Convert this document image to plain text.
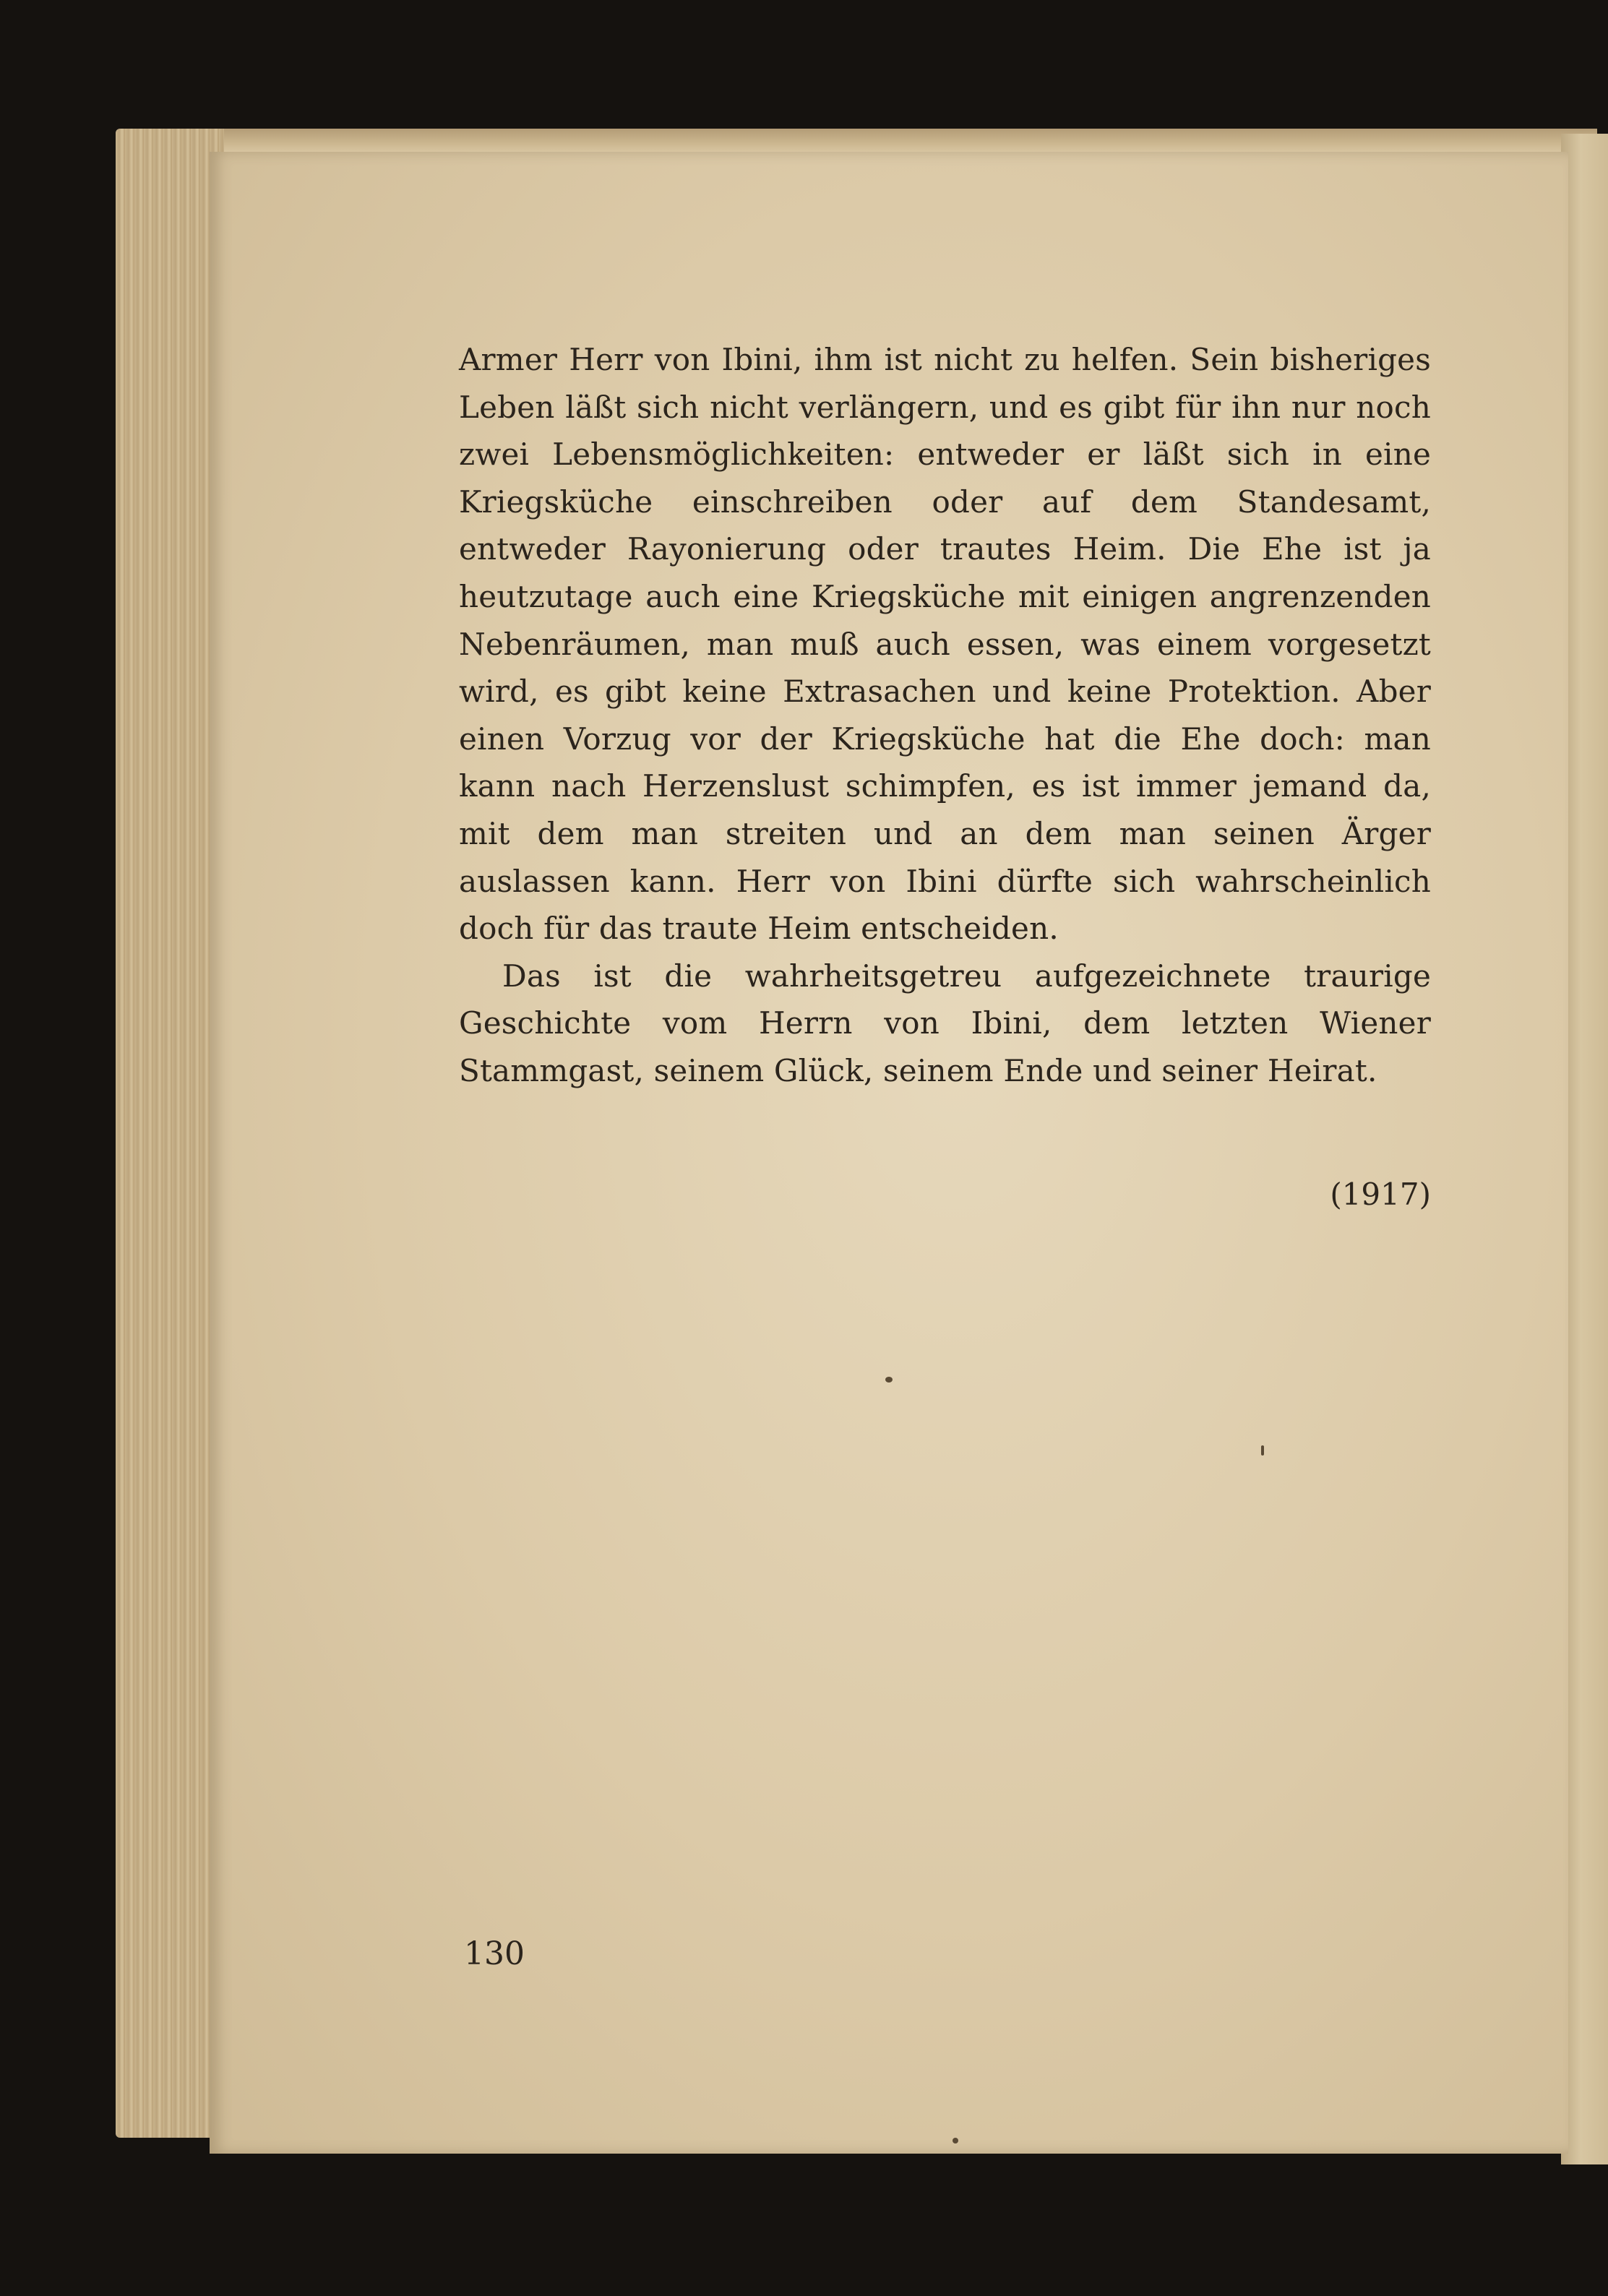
Armer Herr von Ibini, ihm ist nicht zu helfen. Sein bisheriges Leben läßt sich nicht verlängern, und es gibt für ihn nur noch zwei Lebensmöglichkeiten: entweder er läßt sich in eine Kriegsküche einschreiben oder auf dem Standesamt, entweder Rayonierung oder trautes Heim. Die Ehe ist ja heutzutage auch eine Kriegsküche mit einigen angrenzenden Nebenräumen, man muß auch essen, was einem vorgesetzt wird, es gibt keine Extrasachen und keine Protektion. Aber einen Vorzug vor der Kriegsküche hat die Ehe doch: man kann nach Herzenslust schimpfen, es ist immer jemand da, mit dem man streiten und an dem man seinen Ärger auslassen kann. Herr von Ibini dürfte sich wahrscheinlich doch für das traute Heim entscheiden.

Das ist die wahrheitsgetreu aufgezeichnete traurige Geschichte vom Herrn von Ibini, dem letzten Wiener Stammgast, seinem Glück, seinem Ende und seiner Heirat.

(1917)
130
